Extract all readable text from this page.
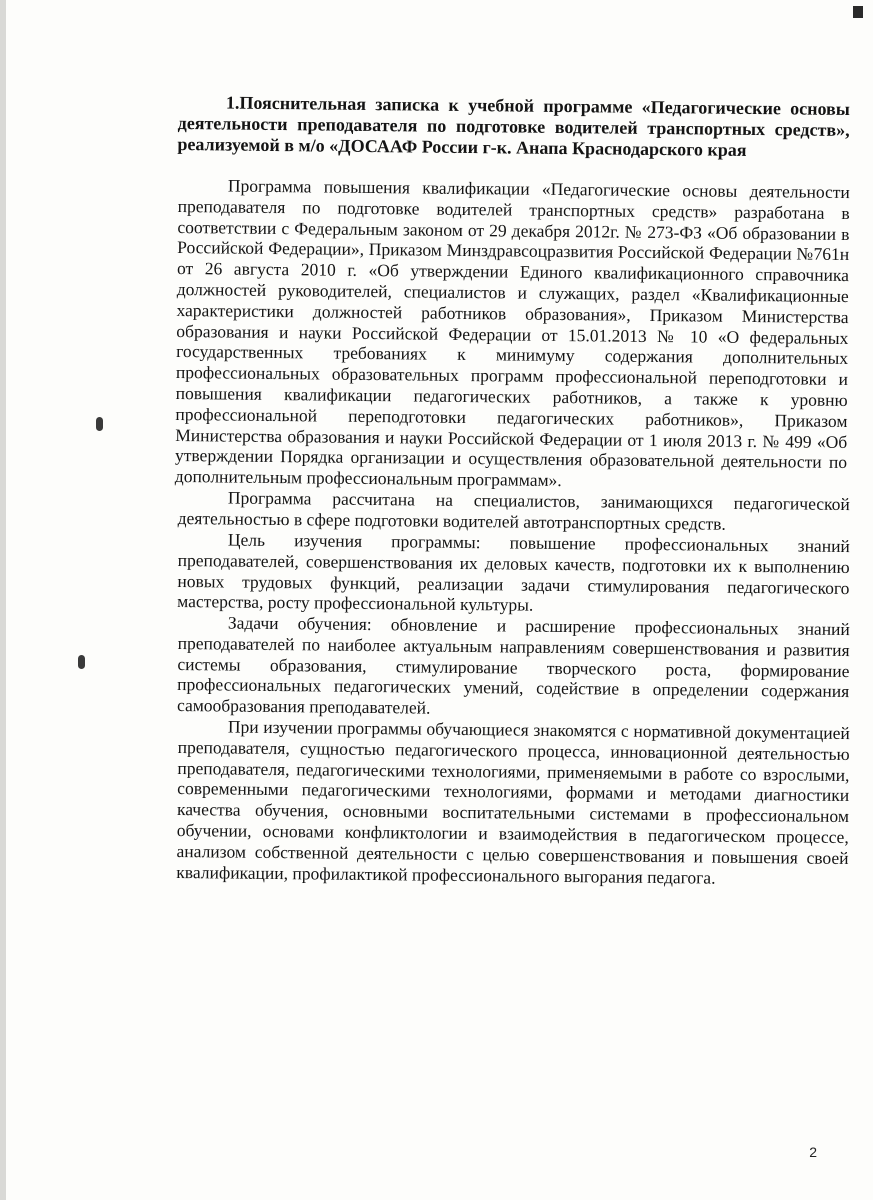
1.Пояснительная записка к учебной программе «Педагогические основы деятельности преподавателя по подготовке водителей транспортных средств», реализуемой в м/о «ДОСААФ России г-к. Анапа Краснодарского края

Программа повышения квалификации «Педагогические основы деятельности преподавателя по подготовке водителей транспортных средств» разработана в соответствии с Федеральным законом от 29 декабря 2012г. № 273-ФЗ «Об образовании в Российской Федерации», Приказом Минздравсоцразвития Российской Федерации №761н от 26 августа 2010 г. «Об утверждении Единого квалификационного справочника должностей руководителей, специалистов и служащих, раздел «Квалификационные характеристики должностей работников образования», Приказом Министерства образования и науки Российской Федерации от 15.01.2013 № 10 «О федеральных государственных требованиях к минимуму содержания дополнительных профессиональных образовательных программ профессиональной переподготовки и повышения квалификации педагогических работников, а также к уровню профессиональной переподготовки педагогических работников», Приказом Министерства образования и науки Российской Федерации от 1 июля 2013 г. № 499 «Об утверждении Порядка организации и осуществления образовательной деятельности по дополнительным профессиональным программам».

Программа рассчитана на специалистов, занимающихся педагогической деятельностью в сфере подготовки водителей автотранспортных средств.

Цель изучения программы: повышение профессиональных знаний преподавателей, совершенствования их деловых качеств, подготовки их к выполнению новых трудовых функций, реализации задачи стимулирования педагогического мастерства, росту профессиональной культуры.

Задачи обучения: обновление и расширение профессиональных знаний преподавателей по наиболее актуальным направлениям совершенствования и развития системы образования, стимулирование творческого роста, формирование профессиональных педагогических умений, содействие в определении содержания самообразования преподавателей.

При изучении программы обучающиеся знакомятся с нормативной документацией преподавателя, сущностью педагогического процесса, инновационной деятельностью преподавателя, педагогическими технологиями, применяемыми в работе со взрослыми, современными педагогическими технологиями, формами и методами диагностики качества обучения, основными воспитательными системами в профессиональном обучении, основами конфликтологии и взаимодействия в педагогическом процессе, анализом собственной деятельности с целью совершенствования и повышения своей квалификации, профилактикой профессионального выгорания педагога.

2
